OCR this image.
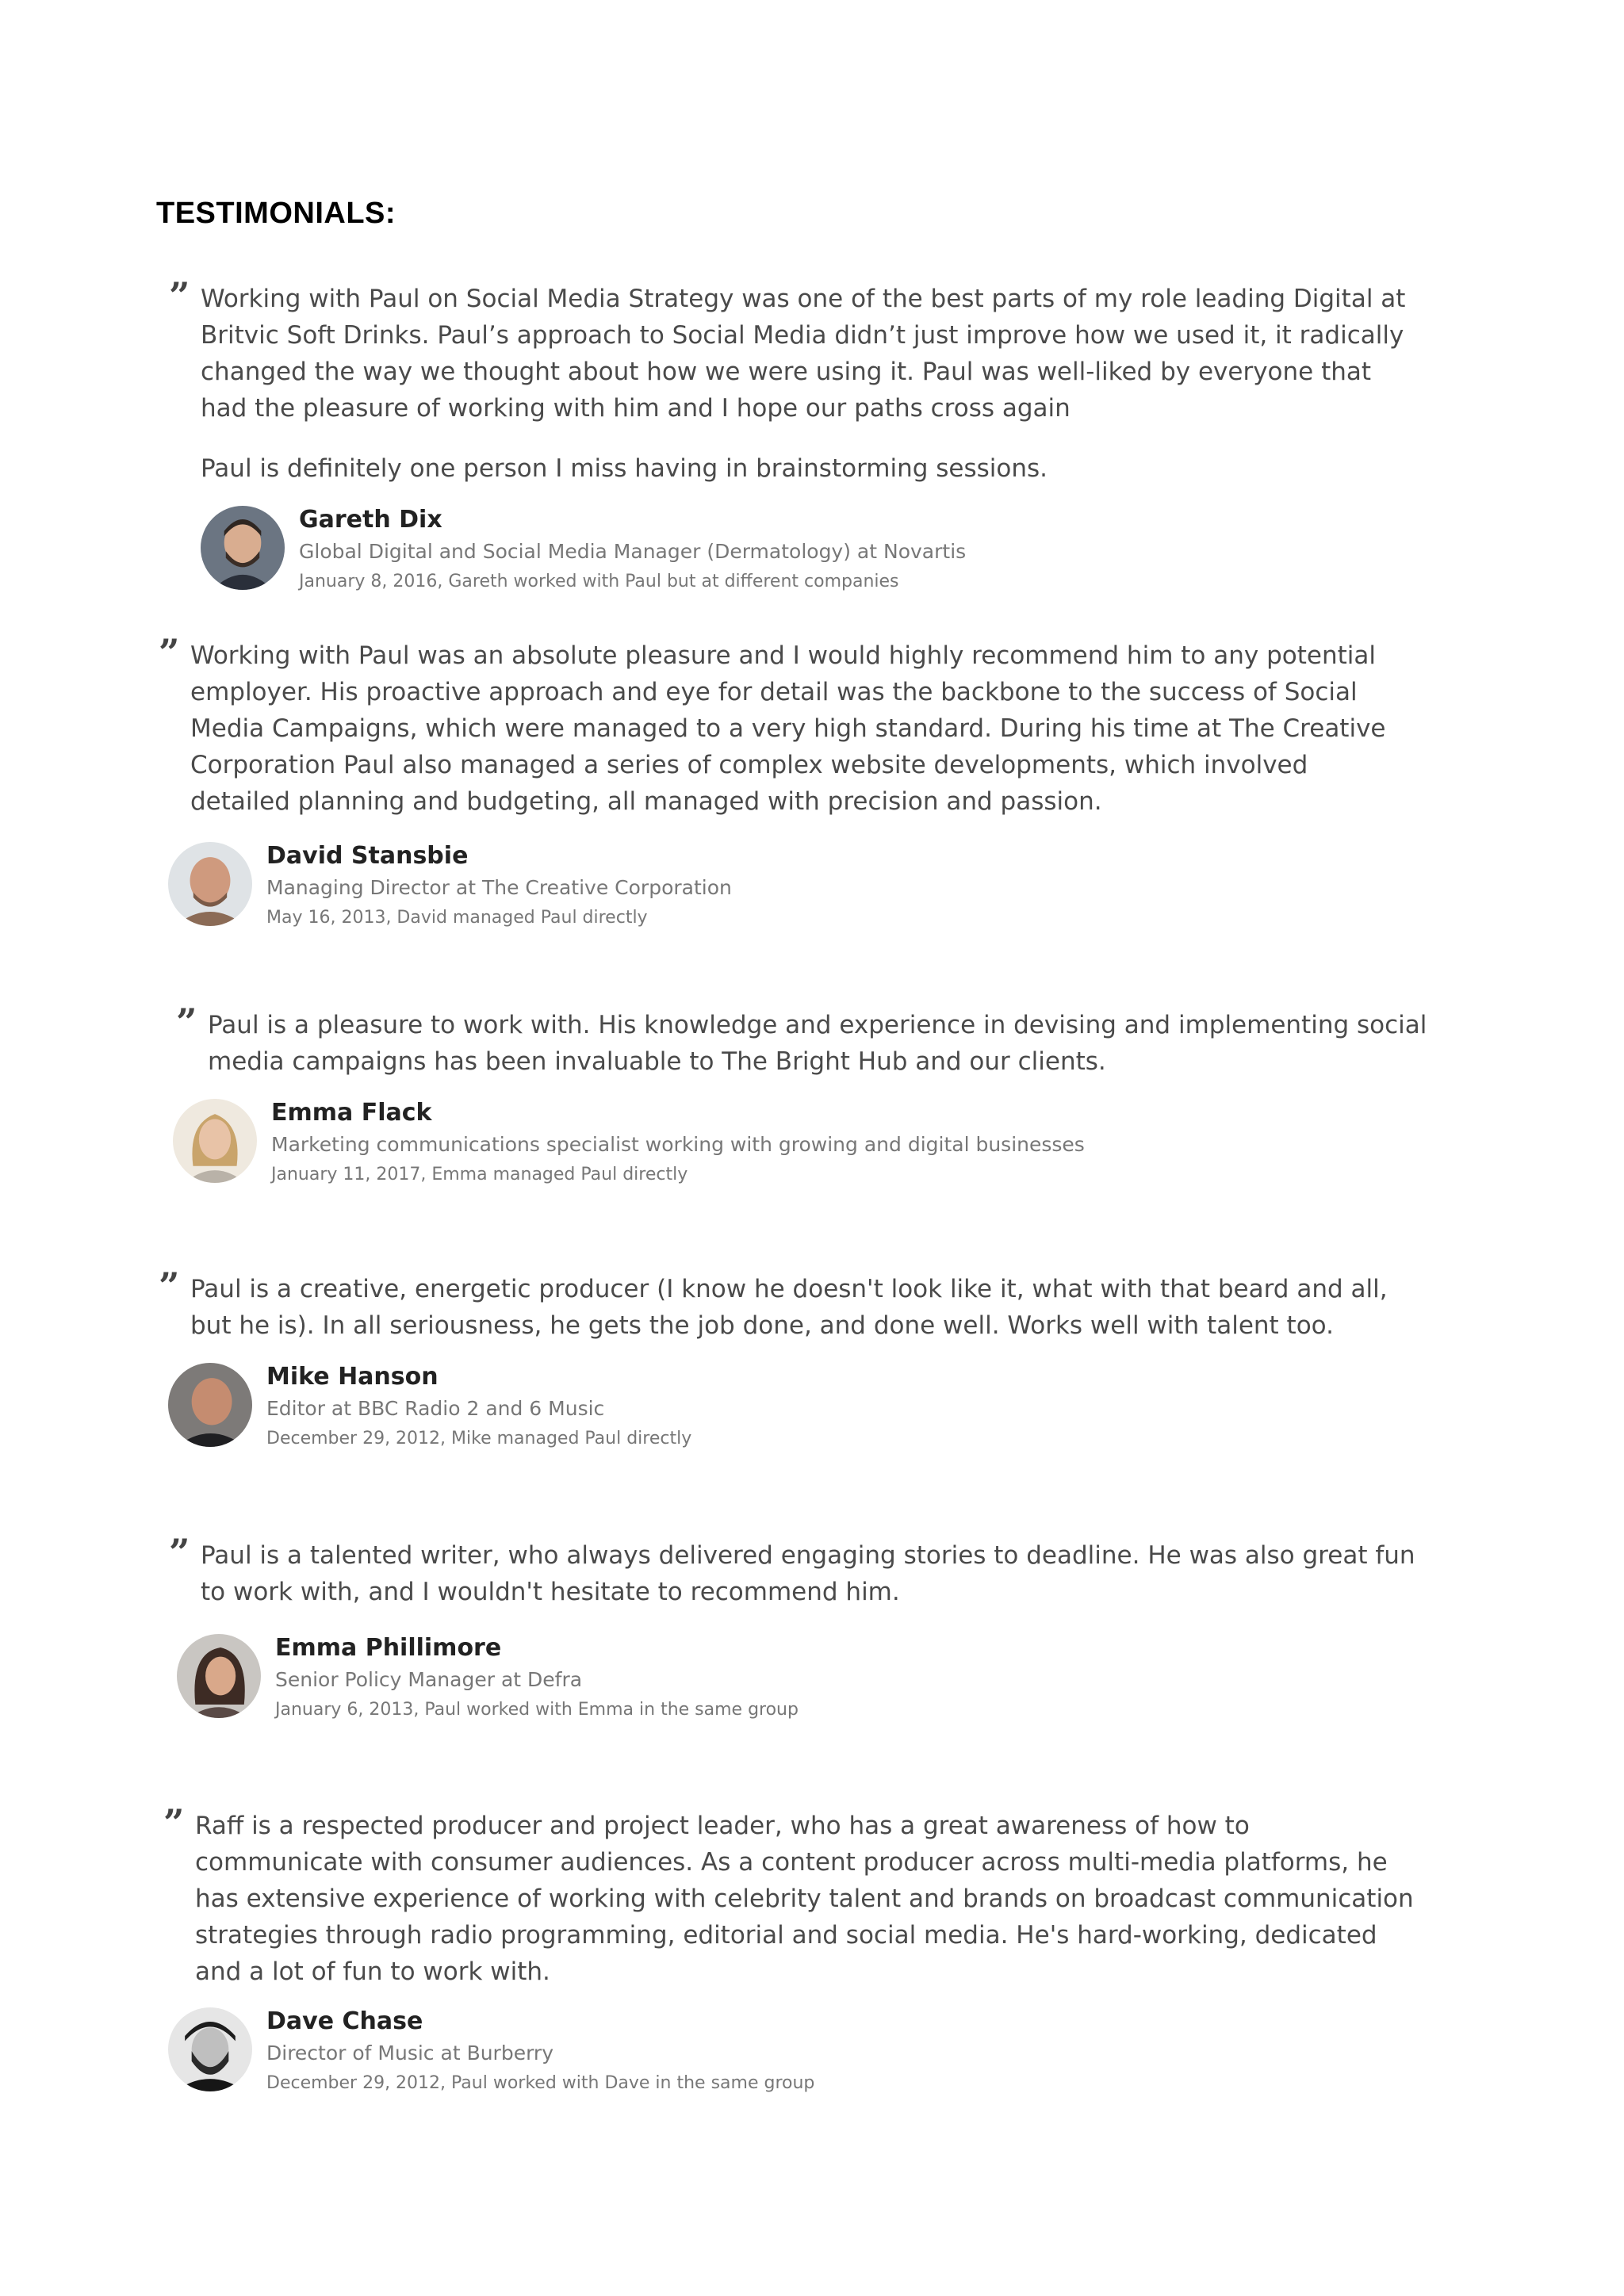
TESTIMONIALS:
” Working with Paul on Social Media Strategy was one of the best parts of my role leading Digital at Britvic Soft Drinks. Paul’s approach to Social Media didn’t just improve how we used it, it radically changed the way we thought about how we were using it. Paul was well-liked by everyone that had the pleasure of working with him and I hope our paths cross again

Paul is definitely one person I miss having in brainstorming sessions.

Gareth Dix
Global Digital and Social Media Manager (Dermatology) at Novartis
January 8, 2016, Gareth worked with Paul but at different companies
” Working with Paul was an absolute pleasure and I would highly recommend him to any potential employer. His proactive approach and eye for detail was the backbone to the success of Social Media Campaigns, which were managed to a very high standard. During his time at The Creative Corporation Paul also managed a series of complex website developments, which involved detailed planning and budgeting, all managed with precision and passion.

David Stansbie
Managing Director at The Creative Corporation
May 16, 2013, David managed Paul directly
” Paul is a pleasure to work with. His knowledge and experience in devising and implementing social media campaigns has been invaluable to The Bright Hub and our clients.

Emma Flack
Marketing communications specialist working with growing and digital businesses
January 11, 2017, Emma managed Paul directly
” Paul is a creative, energetic producer (I know he doesn't look like it, what with that beard and all, but he is). In all seriousness, he gets the job done, and done well. Works well with talent too.

Mike Hanson
Editor at BBC Radio 2 and 6 Music
December 29, 2012, Mike managed Paul directly
” Paul is a talented writer, who always delivered engaging stories to deadline. He was also great fun to work with, and I wouldn't hesitate to recommend him.

Emma Phillimore
Senior Policy Manager at Defra
January 6, 2013, Paul worked with Emma in the same group
” Raff is a respected producer and project leader, who has a great awareness of how to communicate with consumer audiences. As a content producer across multi-media platforms, he has extensive experience of working with celebrity talent and brands on broadcast communication strategies through radio programming, editorial and social media. He's hard-working, dedicated and a lot of fun to work with.

Dave Chase
Director of Music at Burberry
December 29, 2012, Paul worked with Dave in the same group
